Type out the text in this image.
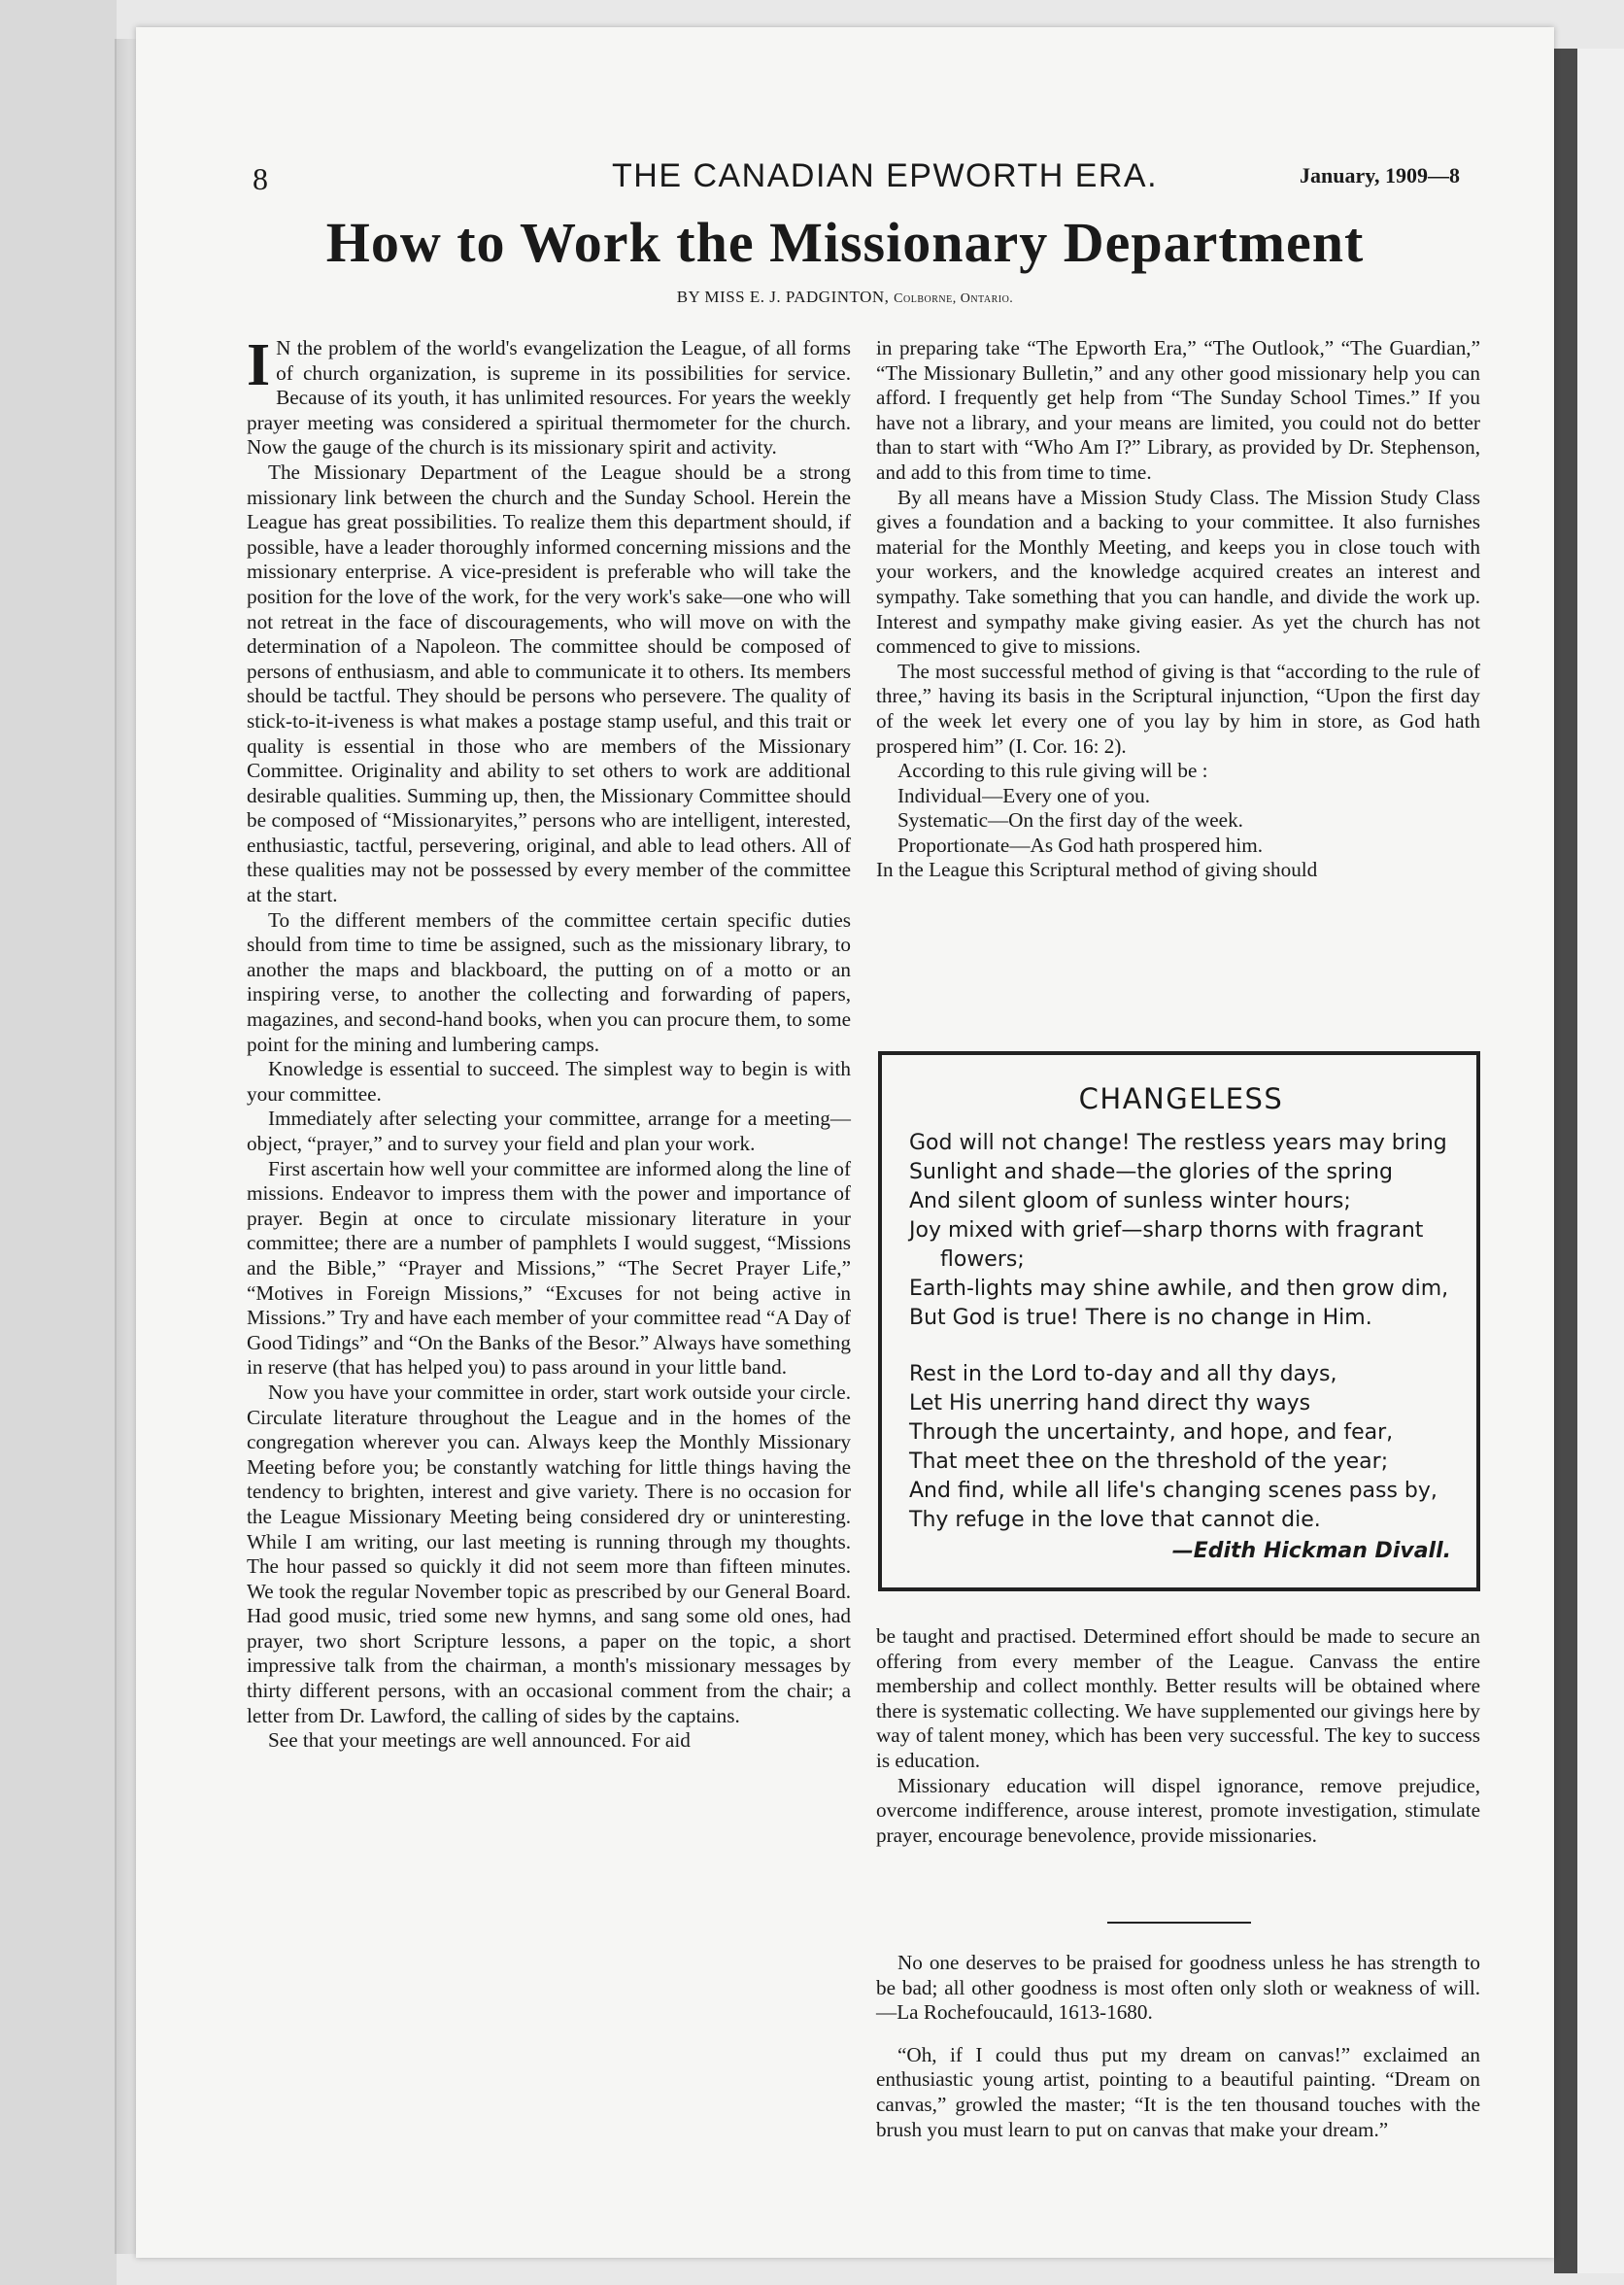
8	THE CANADIAN EPWORTH ERA.	January, 1909—8
How to Work the Missionary Department
BY MISS E. J. PADGINTON, Colborne, Ontario.

I N the problem of the world's evangelization the League, of all forms of church organization, is supreme in its possibilities for service. Because of its youth, it has unlimited resources. For years the weekly prayer meeting was considered a spiritual thermometer for the church. Now the gauge of the church is its missionary spirit and activity.

The Missionary Department of the League should be a strong missionary link between the church and the Sunday School. Herein the League has great possibilities. To realize them this department should, if possible, have a leader thoroughly informed concerning missions and the missionary enterprise. A vice-president is preferable who will take the position for the love of the work, for the very work's sake—one who will not retreat in the face of discouragements, who will move on with the determination of a Napoleon. The committee should be composed of persons of enthusiasm, and able to communicate it to others. Its members should be tactful. They should be persons who persevere. The quality of stick-to-it-iveness is what makes a postage stamp useful, and this trait or quality is essential in those who are members of the Missionary Committee. Originality and ability to set others to work are additional desirable qualities. Summing up, then, the Missionary Committee should be composed of “Missionaryites,” persons who are intelligent, interested, enthusiastic, tactful, persevering, original, and able to lead others. All of these qualities may not be possessed by every member of the committee at the start.

To the different members of the committee certain specific duties should from time to time be assigned, such as the missionary library, to another the maps and blackboard, the putting on of a motto or an inspiring verse, to another the collecting and forwarding of papers, magazines, and second-hand books, when you can procure them, to some point for the mining and lumbering camps.

Knowledge is essential to succeed. The simplest way to begin is with your committee.

Immediately after selecting your committee, arrange for a meeting—object, “prayer,” and to survey your field and plan your work.

First ascertain how well your committee are informed along the line of missions. Endeavor to impress them with the power and importance of prayer. Begin at once to circulate missionary literature in your committee; there are a number of pamphlets I would suggest, “Missions and the Bible,” “Prayer and Missions,” “The Secret Prayer Life,” “Motives in Foreign Missions,” “Excuses for not being active in Missions.” Try and have each member of your committee read “A Day of Good Tidings” and “On the Banks of the Besor.” Always have something in reserve (that has helped you) to pass around in your little band.

Now you have your committee in order, start work outside your circle. Circulate literature throughout the League and in the homes of the congregation wherever you can. Always keep the Monthly Missionary Meeting before you; be constantly watching for little things having the tendency to brighten, interest and give variety. There is no occasion for the League Missionary Meeting being considered dry or uninteresting. While I am writing, our last meeting is running through my thoughts. The hour passed so quickly it did not seem more than fifteen minutes. We took the regular November topic as prescribed by our General Board. Had good music, tried some new hymns, and sang some old ones, had prayer, two short Scripture lessons, a paper on the topic, a short impressive talk from the chairman, a month's missionary messages by thirty different persons, with an occasional comment from the chair; a letter from Dr. Lawford, the calling of sides by the captains.

See that your meetings are well announced. For aid

in preparing take “The Epworth Era,” “The Outlook,” “The Guardian,” “The Missionary Bulletin,” and any other good missionary help you can afford. I frequently get help from “The Sunday School Times.” If you have not a library, and your means are limited, you could not do better than to start with “Who Am I?” Library, as provided by Dr. Stephenson, and add to this from time to time.

By all means have a Mission Study Class. The Mission Study Class gives a foundation and a backing to your committee. It also furnishes material for the Monthly Meeting, and keeps you in close touch with your workers, and the knowledge acquired creates an interest and sympathy. Take something that you can handle, and divide the work up. Interest and sympathy make giving easier. As yet the church has not commenced to give to missions.

The most successful method of giving is that “according to the rule of three,” having its basis in the Scriptural injunction, “Upon the first day of the week let every one of you lay by him in store, as God hath prospered him” (I. Cor. 16: 2).

According to this rule giving will be :

Individual—Every one of you.

Systematic—On the first day of the week.

Proportionate—As God hath prospered him.

In the League this Scriptural method of giving should

CHANGELESS
God will not change! The restless years may bring
Sunlight and shade—the glories of the spring
And silent gloom of sunless winter hours;
Joy mixed with grief—sharp thorns with fragrant
flowers;
Earth-lights may shine awhile, and then grow dim,
But God is true! There is no change in Him.
Rest in the Lord to-day and all thy days,
Let His unerring hand direct thy ways
Through the uncertainty, and hope, and fear,
That meet thee on the threshold of the year;
And find, while all life's changing scenes pass by,
Thy refuge in the love that cannot die.
—Edith Hickman Divall.

be taught and practised. Determined effort should be made to secure an offering from every member of the League. Canvass the entire membership and collect monthly. Better results will be obtained where there is systematic collecting. We have supplemented our givings here by way of talent money, which has been very successful. The key to success is education.

Missionary education will dispel ignorance, remove prejudice, overcome indifference, arouse interest, promote investigation, stimulate prayer, encourage benevolence, provide missionaries.

No one deserves to be praised for goodness unless he has strength to be bad; all other goodness is most often only sloth or weakness of will.—La Rochefoucauld, 1613-1680.

“Oh, if I could thus put my dream on canvas!” exclaimed an enthusiastic young artist, pointing to a beautiful painting. “Dream on canvas,” growled the master; “It is the ten thousand touches with the brush you must learn to put on canvas that make your dream.”
